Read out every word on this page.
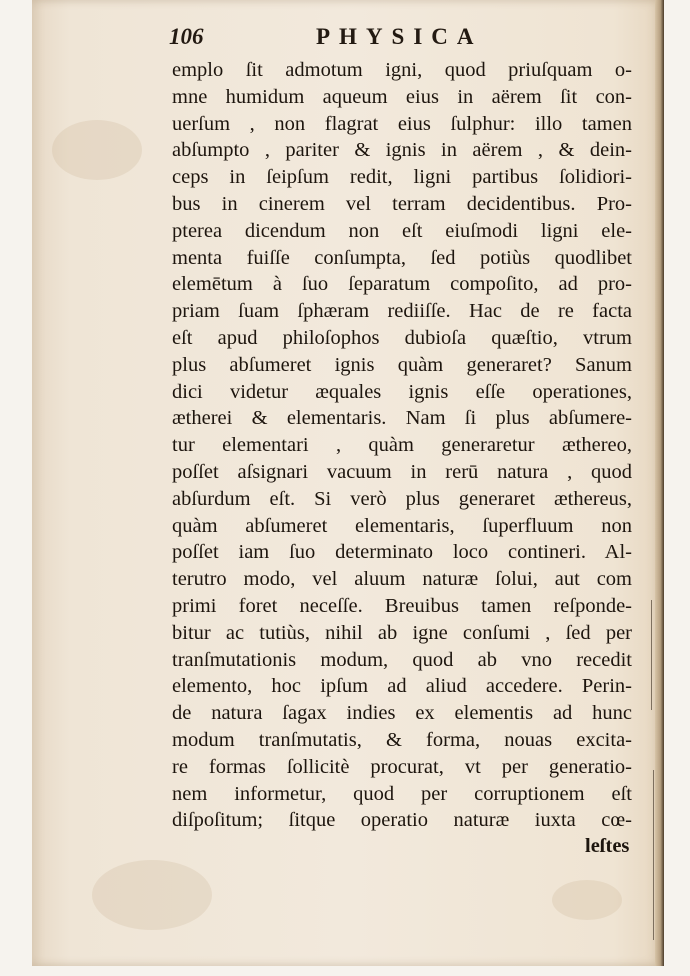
106	PHYSICA
emplo ſit admotum igni, quod priuſquam o-
mne humidum aqueum eius in aërem ſit con-
uerſum , non flagrat eius ſulphur: illo tamen
abſumpto , pariter & ignis in aërem , & dein-
ceps in ſeipſum redit, ligni partibus ſolidiori-
bus in cinerem vel terram decidentibus. Pro-
pterea dicendum non eſt eiuſmodi ligni ele-
menta fuiſſe conſumpta, ſed potiùs quodlibet
elemētum à ſuo ſeparatum compoſito, ad pro-
priam ſuam ſphæram rediiſſe. Hac de re facta
eſt apud philoſophos dubioſa quæſtio, vtrum
plus abſumeret ignis quàm generaret? Sanum
dici videtur æquales ignis eſſe operationes,
ætherei & elementaris. Nam ſi plus abſumere-
tur elementari , quàm generaretur æthereo,
poſſet aſsignari vacuum in rerū natura , quod
abſurdum eſt. Si verò plus generaret æthereus,
quàm abſumeret elementaris, ſuperfluum non
poſſet iam ſuo determinato loco contineri. Al-
terutro modo, vel aluum naturæ ſolui, aut com
primi foret neceſſe. Breuibus tamen reſponde-
bitur ac tutiùs, nihil ab igne conſumi , ſed per
tranſmutationis modum, quod ab vno recedit
elemento, hoc ipſum ad aliud accedere. Perin-
de natura ſagax indies ex elementis ad hunc
modum tranſmutatis, & forma, nouas excita-
re formas ſollicitè procurat, vt per generatio-
nem informetur, quod per corruptionem eſt
diſpoſitum; ſitque operatio naturæ iuxta cœ-
leſtes
